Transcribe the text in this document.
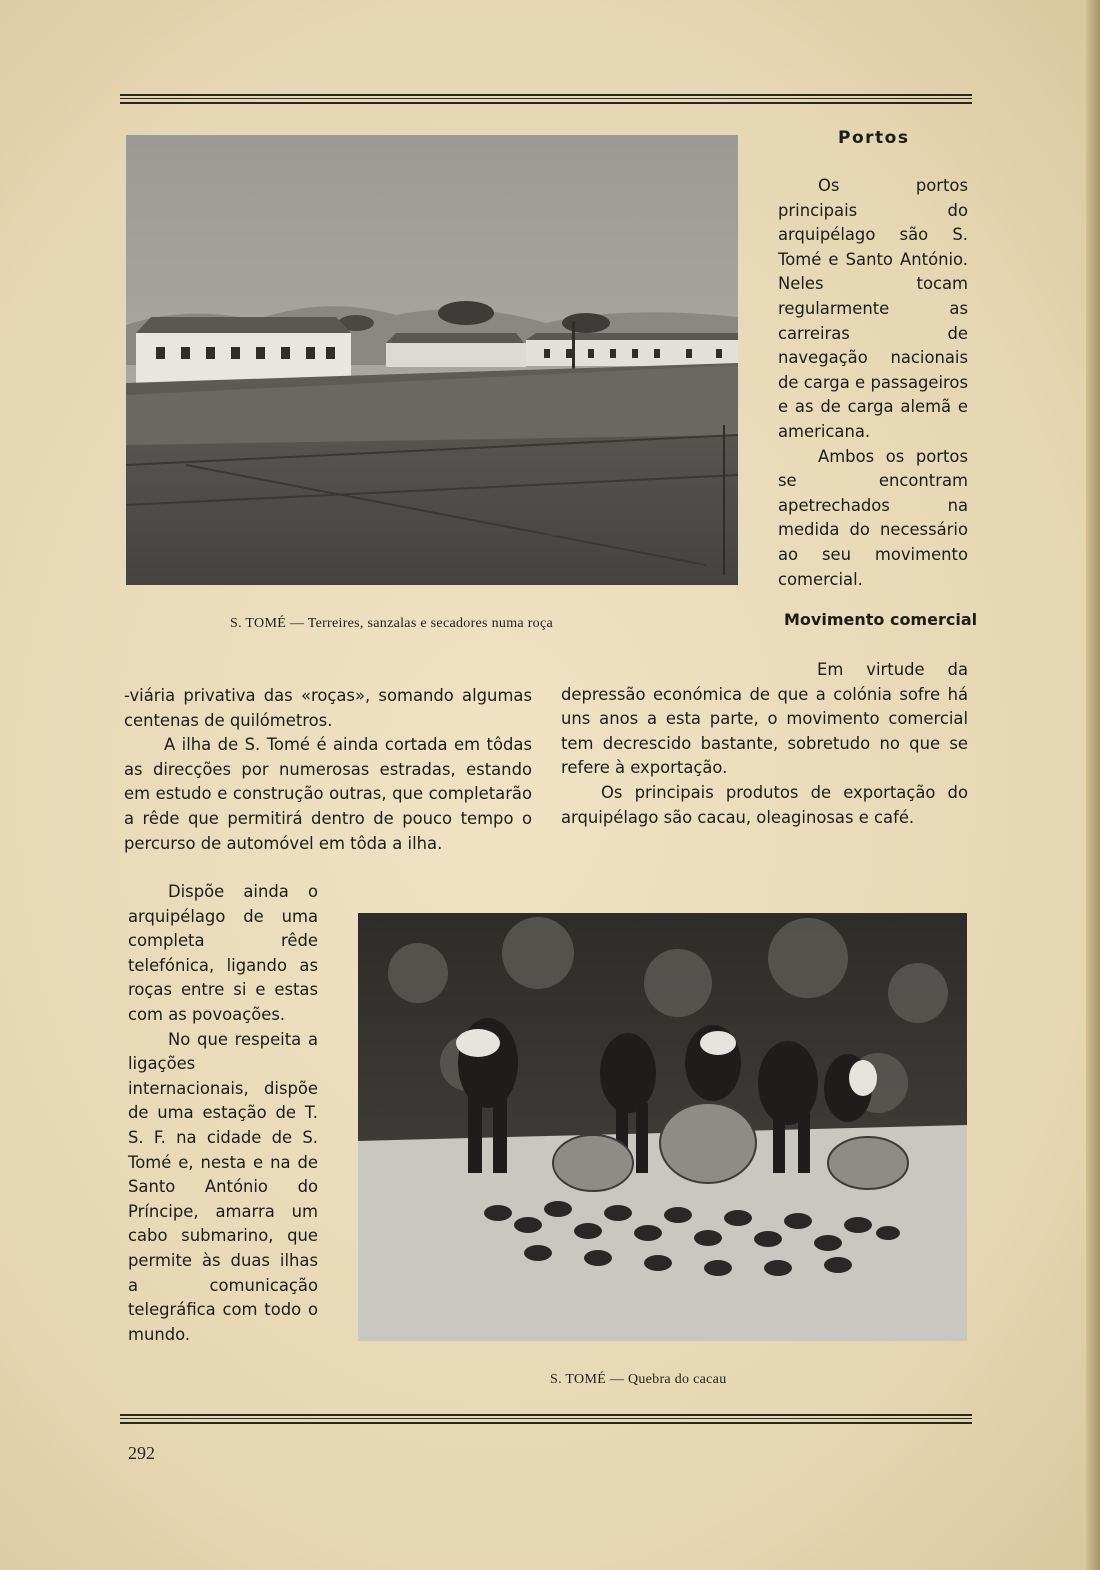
S. TOMÉ — Terreires, sanzalas e secadores numa roça
Portos

Os portos principais do arquipélago são S. Tomé e Santo António. Neles tocam regularmente as carreiras de navegação nacionais de carga e passageiros e as de carga alemã e americana.

Ambos os portos se encontram apetrechados na medida do necessário ao seu movimento comercial.

Movimento comercial

Em virtude da depressão económica de que a colónia sofre há uns anos a esta parte, o movimento comercial tem decrescido bastante, sobretudo no que se refere à exportação.

Os principais produtos de exportação do arquipélago são cacau, oleaginosas e café.

-viária privativa das «roças», somando algumas centenas de quilómetros.

A ilha de S. Tomé é ainda cortada em tôdas as direcções por numerosas estradas, estando em estudo e construção outras, que completarão a rêde que permitirá dentro de pouco tempo o percurso de automóvel em tôda a ilha.

Dispõe ainda o arquipélago de uma completa rêde telefónica, ligando as roças entre si e estas com as povoações.

No que respeita a ligações internacionais, dispõe de uma estação de T. S. F. na cidade de S. Tomé e, nesta e na de Santo António do Príncipe, amarra um cabo submarino, que permite às duas ilhas a comunicação telegráfica com todo o mundo.

S. TOMÉ — Quebra do cacau
292
